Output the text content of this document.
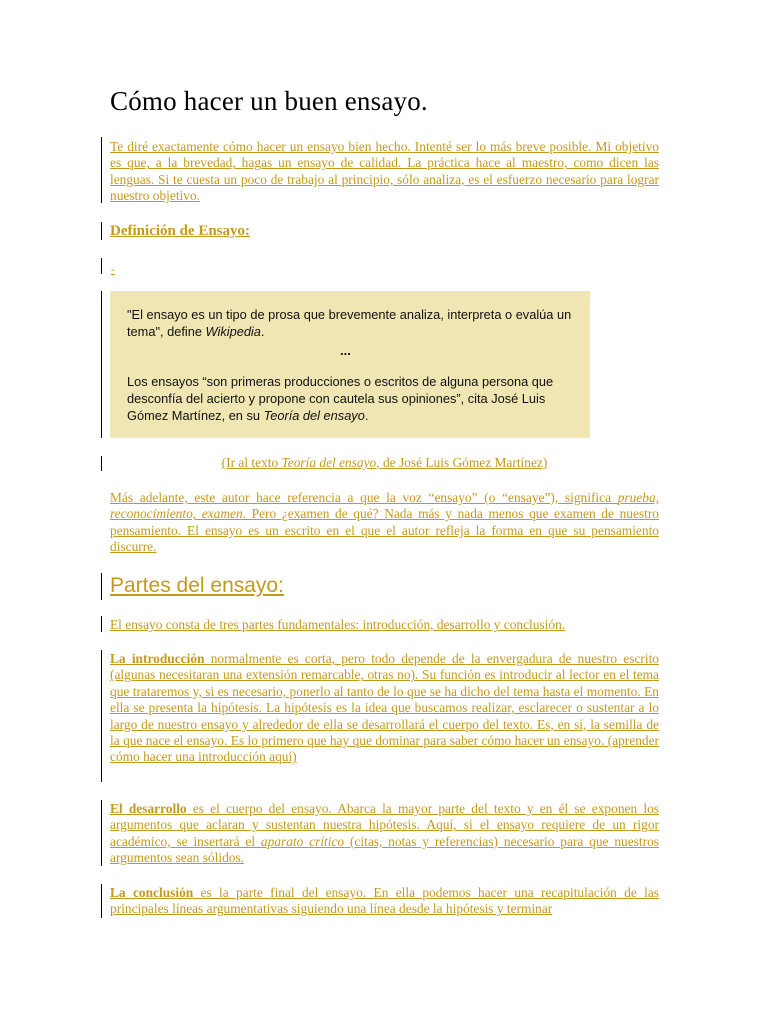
Cómo hacer un buen ensayo.

Te diré exactamente cómo hacer un ensayo bien hecho. Intenté ser lo más breve posible. Mi objetivo es que, a la brevedad, hagas un ensayo de calidad. La práctica hace al maestro, como dicen las lenguas. Si te cuesta un poco de trabajo al principio, sólo analiza, es el esfuerzo necesario para lograr nuestro objetivo.

Definición de Ensayo:

-
"El ensayo es un tipo de prosa que brevemente analiza, interpreta o evalúa un tema", define Wikipedia.
...
Los ensayos “son primeras producciones o escritos de alguna persona que desconfía del acierto y propone con cautela sus opiniones”, cita José Luis Gómez Martínez, en su Teoría del ensayo.
(Ir al texto Teoría del ensayo, de José Luis Gómez Martínez)

Más adelante, este autor hace referencia a que la voz “ensayo” (o “ensaye”), significa prueba, reconocimiento, examen. Pero ¿examen de qué? Nada más y nada menos que examen de nuestro pensamiento. El ensayo es un escrito en el que el autor refleja la forma en que su pensamiento discurre.

Partes del ensayo:

El ensayo consta de tres partes fundamentales: introducción, desarrollo y conclusión.

La introducción normalmente es corta, pero todo depende de la envergadura de nuestro escrito (algunas necesitaran una extensión remarcable, otras no). Su función es introducir al lector en el tema que trataremos y, si es necesario, ponerlo al tanto de lo que se ha dicho del tema hasta el momento. En ella se presenta la hipótesis. La hipótesis es la idea que buscamos realizar, esclarecer o sustentar a lo largo de nuestro ensayo y alrededor de ella se desarrollará el cuerpo del texto. Es, en sí, la semilla de la que nace el ensayo. Es lo primero que hay que dominar para saber cómo hacer un ensayo. (aprender cómo hacer una introducción aquí)

El desarrollo es el cuerpo del ensayo. Abarca la mayor parte del texto y en él se exponen los argumentos que aclaran y sustentan nuestra hipótesis. Aquí, si el ensayo requiere de un rigor académico, se insertará el aparato crítico (citas, notas y referencias) necesario para que nuestros argumentos sean sólidos.

La conclusión es la parte final del ensayo. En ella podemos hacer una recapitulación de las principales líneas argumentativas siguiendo una línea desde la hipótesis y terminar
